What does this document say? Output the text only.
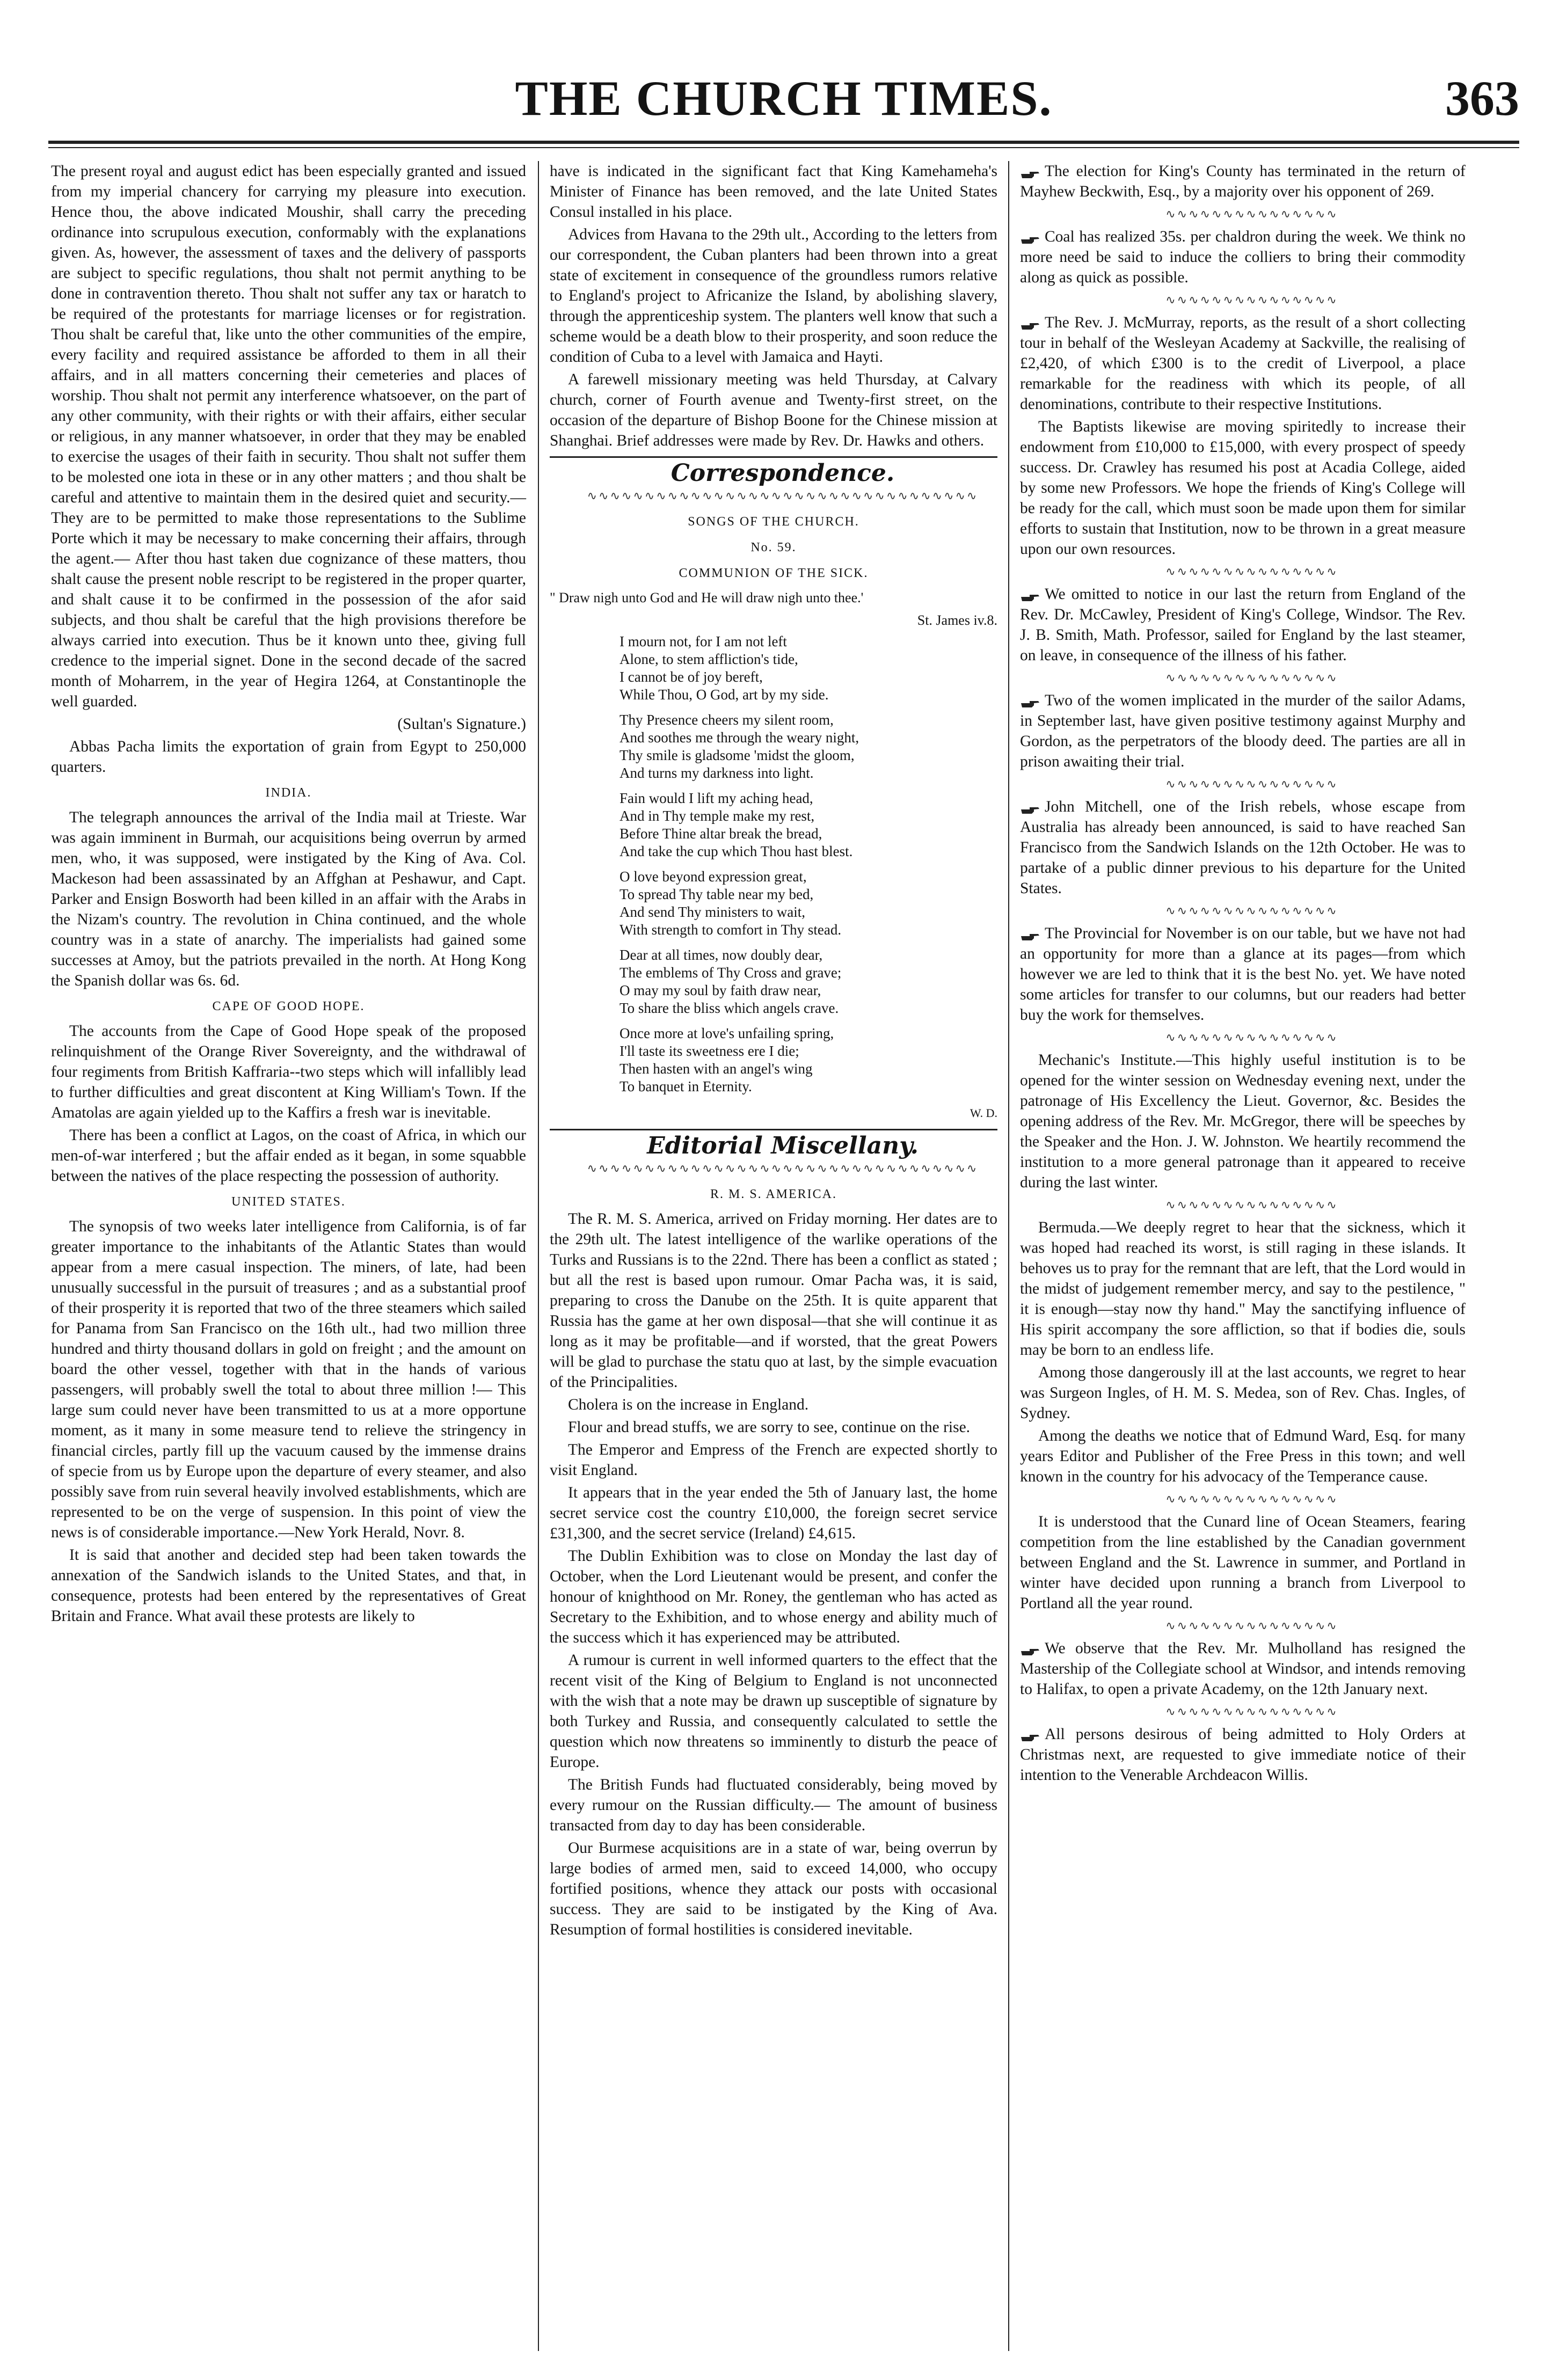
THE CHURCH TIMES.	363

The present royal and august edict has been especially granted and issued from my imperial chancery for carrying my pleasure into execution. Hence thou, the above indicated Moushir, shall carry the preceding ordinance into scrupulous execution, conformably with the explanations given. As, however, the assessment of taxes and the delivery of passports are subject to specific regulations, thou shalt not permit anything to be done in contravention thereto. Thou shalt not suffer any tax or haratch to be required of the protestants for marriage licenses or for registration. Thou shalt be careful that, like unto the other communities of the empire, every facility and required assistance be afforded to them in all their affairs, and in all matters concerning their cemeteries and places of worship. Thou shalt not permit any interference whatsoever, on the part of any other community, with their rights or with their affairs, either secular or religious, in any manner whatsoever, in order that they may be enabled to exercise the usages of their faith in security. Thou shalt not suffer them to be molested one iota in these or in any other matters ; and thou shalt be careful and attentive to maintain them in the desired quiet and security.— They are to be permitted to make those representations to the Sublime Porte which it may be necessary to make concerning their affairs, through the agent.— After thou hast taken due cognizance of these matters, thou shalt cause the present noble rescript to be registered in the proper quarter, and shalt cause it to be confirmed in the possession of the afor said subjects, and thou shalt be careful that the high provisions therefore be always carried into execution. Thus be it known unto thee, giving full credence to the imperial signet. Done in the second decade of the sacred month of Moharrem, in the year of Hegira 1264, at Constantinople the well guarded.

(Sultan's Signature.)

Abbas Pacha limits the exportation of grain from Egypt to 250,000 quarters.

INDIA.

The telegraph announces the arrival of the India mail at Trieste. War was again imminent in Burmah, our acquisitions being overrun by armed men, who, it was supposed, were instigated by the King of Ava. Col. Mackeson had been assassinated by an Affghan at Peshawur, and Capt. Parker and Ensign Bosworth had been killed in an affair with the Arabs in the Nizam's country. The revolution in China continued, and the whole country was in a state of anarchy. The imperialists had gained some successes at Amoy, but the patriots prevailed in the north. At Hong Kong the Spanish dollar was 6s. 6d.

CAPE OF GOOD HOPE.

The accounts from the Cape of Good Hope speak of the proposed relinquishment of the Orange River Sovereignty, and the withdrawal of four regiments from British Kaffraria--two steps which will infallibly lead to further difficulties and great discontent at King William's Town. If the Amatolas are again yielded up to the Kaffirs a fresh war is inevitable.

There has been a conflict at Lagos, on the coast of Africa, in which our men-of-war interfered ; but the affair ended as it began, in some squabble between the natives of the place respecting the possession of authority.

UNITED STATES.

The synopsis of two weeks later intelligence from California, is of far greater importance to the inhabitants of the Atlantic States than would appear from a mere casual inspection. The miners, of late, had been unusually successful in the pursuit of treasures ; and as a substantial proof of their prosperity it is reported that two of the three steamers which sailed for Panama from San Francisco on the 16th ult., had two million three hundred and thirty thousand dollars in gold on freight ; and the amount on board the other vessel, together with that in the hands of various passengers, will probably swell the total to about three million !— This large sum could never have been transmitted to us at a more opportune moment, as it many in some measure tend to relieve the stringency in financial circles, partly fill up the vacuum caused by the immense drains of specie from us by Europe upon the departure of every steamer, and also possibly save from ruin several heavily involved establishments, which are represented to be on the verge of suspension. In this point of view the news is of considerable importance.—New York Herald, Novr. 8.

It is said that another and decided step had been taken towards the annexation of the Sandwich islands to the United States, and that, in consequence, protests had been entered by the representatives of Great Britain and France. What avail these protests are likely to

have is indicated in the significant fact that King Kamehameha's Minister of Finance has been removed, and the late United States Consul installed in his place.

Advices from Havana to the 29th ult., According to the letters from our correspondent, the Cuban planters had been thrown into a great state of excitement in consequence of the groundless rumors relative to England's project to Africanize the Island, by abolishing slavery, through the apprenticeship system. The planters well know that such a scheme would be a death blow to their prosperity, and soon reduce the condition of Cuba to a level with Jamaica and Hayti.

A farewell missionary meeting was held Thursday, at Calvary church, corner of Fourth avenue and Twenty-first street, on the occasion of the departure of Bishop Boone for the Chinese mission at Shanghai. Brief addresses were made by Rev. Dr. Hawks and others.

Correspondence.

∿∿∿∿∿∿∿∿∿∿∿∿∿∿∿∿∿∿∿∿∿∿∿∿∿∿∿∿∿∿∿∿∿∿

SONGS OF THE CHURCH.

No. 59.

COMMUNION OF THE SICK.

" Draw nigh unto God and He will draw nigh unto thee.'

St. James iv.8.

I mourn not, for I am not left
Alone, to stem affliction's tide,
I cannot be of joy bereft,
While Thou, O God, art by my side.
Thy Presence cheers my silent room,
And soothes me through the weary night,
Thy smile is gladsome 'midst the gloom,
And turns my darkness into light.
Fain would I lift my aching head,
And in Thy temple make my rest,
Before Thine altar break the bread,
And take the cup which Thou hast blest.
O love beyond expression great,
To spread Thy table near my bed,
And send Thy ministers to wait,
With strength to comfort in Thy stead.
Dear at all times, now doubly dear,
The emblems of Thy Cross and grave;
O may my soul by faith draw near,
To share the bliss which angels crave.
Once more at love's unfailing spring,
I'll taste its sweetness ere I die;
Then hasten with an angel's wing
To banquet in Eternity.

W. D.

Editorial Miscellany.

∿∿∿∿∿∿∿∿∿∿∿∿∿∿∿∿∿∿∿∿∿∿∿∿∿∿∿∿∿∿∿∿∿∿

R. M. S. AMERICA.

The R. M. S. America, arrived on Friday morning. Her dates are to the 29th ult. The latest intelligence of the warlike operations of the Turks and Russians is to the 22nd. There has been a conflict as stated ; but all the rest is based upon rumour. Omar Pacha was, it is said, preparing to cross the Danube on the 25th. It is quite apparent that Russia has the game at her own disposal—that she will continue it as long as it may be profitable—and if worsted, that the great Powers will be glad to purchase the statu quo at last, by the simple evacuation of the Principalities.

Cholera is on the increase in England.

Flour and bread stuffs, we are sorry to see, continue on the rise.

The Emperor and Empress of the French are expected shortly to visit England.

It appears that in the year ended the 5th of January last, the home secret service cost the country £10,000, the foreign secret service £31,300, and the secret service (Ireland) £4,615.

The Dublin Exhibition was to close on Monday the last day of October, when the Lord Lieutenant would be present, and confer the honour of knighthood on Mr. Roney, the gentleman who has acted as Secretary to the Exhibition, and to whose energy and ability much of the success which it has experienced may be attributed.

A rumour is current in well informed quarters to the effect that the recent visit of the King of Belgium to England is not unconnected with the wish that a note may be drawn up susceptible of signature by both Turkey and Russia, and consequently calculated to settle the question which now threatens so imminently to disturb the peace of Europe.

The British Funds had fluctuated considerably, being moved by every rumour on the Russian difficulty.— The amount of business transacted from day to day has been considerable.

Our Burmese acquisitions are in a state of war, being overrun by large bodies of armed men, said to exceed 14,000, who occupy fortified positions, whence they attack our posts with occasional success. They are said to be instigated by the King of Ava. Resumption of formal hostilities is considered inevitable.

The election for King's County has terminated in the return of Mayhew Beckwith, Esq., by a majority over his opponent of 269.

∿∿∿∿∿∿∿∿∿∿∿∿∿∿∿

Coal has realized 35s. per chaldron during the week. We think no more need be said to induce the colliers to bring their commodity along as quick as possible.

∿∿∿∿∿∿∿∿∿∿∿∿∿∿∿

The Rev. J. McMurray, reports, as the result of a short collecting tour in behalf of the Wesleyan Academy at Sackville, the realising of £2,420, of which £300 is to the credit of Liverpool, a place remarkable for the readiness with which its people, of all denominations, contribute to their respective Institutions.

The Baptists likewise are moving spiritedly to increase their endowment from £10,000 to £15,000, with every prospect of speedy success. Dr. Crawley has resumed his post at Acadia College, aided by some new Professors. We hope the friends of King's College will be ready for the call, which must soon be made upon them for similar efforts to sustain that Institution, now to be thrown in a great measure upon our own resources.

∿∿∿∿∿∿∿∿∿∿∿∿∿∿∿

We omitted to notice in our last the return from England of the Rev. Dr. McCawley, President of King's College, Windsor. The Rev. J. B. Smith, Math. Professor, sailed for England by the last steamer, on leave, in consequence of the illness of his father.

∿∿∿∿∿∿∿∿∿∿∿∿∿∿∿

Two of the women implicated in the murder of the sailor Adams, in September last, have given positive testimony against Murphy and Gordon, as the perpetrators of the bloody deed. The parties are all in prison awaiting their trial.

∿∿∿∿∿∿∿∿∿∿∿∿∿∿∿

John Mitchell, one of the Irish rebels, whose escape from Australia has already been announced, is said to have reached San Francisco from the Sandwich Islands on the 12th October. He was to partake of a public dinner previous to his departure for the United States.

∿∿∿∿∿∿∿∿∿∿∿∿∿∿∿

The Provincial for November is on our table, but we have not had an opportunity for more than a glance at its pages—from which however we are led to think that it is the best No. yet. We have noted some articles for transfer to our columns, but our readers had better buy the work for themselves.

∿∿∿∿∿∿∿∿∿∿∿∿∿∿∿

Mechanic's Institute.—This highly useful institution is to be opened for the winter session on Wednesday evening next, under the patronage of His Excellency the Lieut. Governor, &c. Besides the opening address of the Rev. Mr. McGregor, there will be speeches by the Speaker and the Hon. J. W. Johnston. We heartily recommend the institution to a more general patronage than it appeared to receive during the last winter.

∿∿∿∿∿∿∿∿∿∿∿∿∿∿∿

Bermuda.—We deeply regret to hear that the sickness, which it was hoped had reached its worst, is still raging in these islands. It behoves us to pray for the remnant that are left, that the Lord would in the midst of judgement remember mercy, and say to the pestilence, " it is enough—stay now thy hand." May the sanctifying influence of His spirit accompany the sore affliction, so that if bodies die, souls may be born to an endless life.

Among those dangerously ill at the last accounts, we regret to hear was Surgeon Ingles, of H. M. S. Medea, son of Rev. Chas. Ingles, of Sydney.

Among the deaths we notice that of Edmund Ward, Esq. for many years Editor and Publisher of the Free Press in this town; and well known in the country for his advocacy of the Temperance cause.

∿∿∿∿∿∿∿∿∿∿∿∿∿∿∿

It is understood that the Cunard line of Ocean Steamers, fearing competition from the line established by the Canadian government between England and the St. Lawrence in summer, and Portland in winter have decided upon running a branch from Liverpool to Portland all the year round.

∿∿∿∿∿∿∿∿∿∿∿∿∿∿∿

We observe that the Rev. Mr. Mulholland has resigned the Mastership of the Collegiate school at Windsor, and intends removing to Halifax, to open a private Academy, on the 12th January next.

∿∿∿∿∿∿∿∿∿∿∿∿∿∿∿

All persons desirous of being admitted to Holy Orders at Christmas next, are requested to give immediate notice of their intention to the Venerable Archdeacon Willis.
